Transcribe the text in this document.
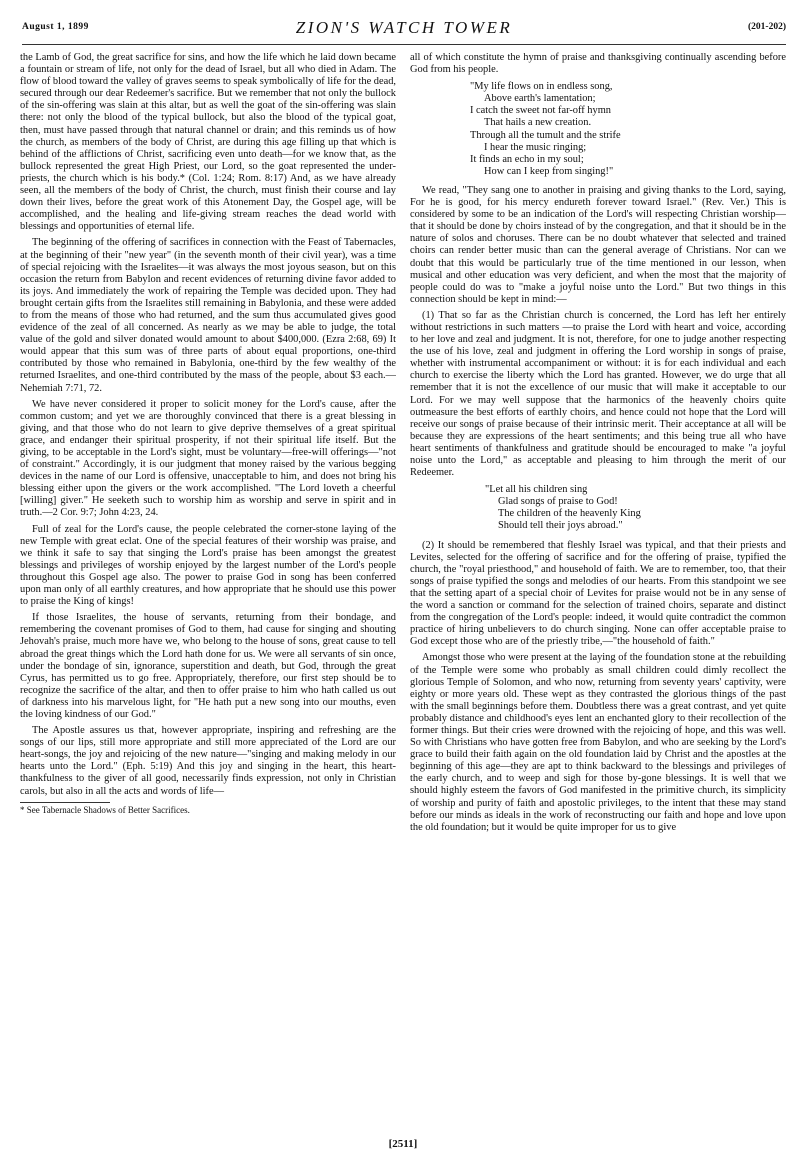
August 1, 1899	ZION'S WATCH TOWER	(201-202)

the Lamb of God, the great sacrifice for sins, and how the life which he laid down became a fountain or stream of life, not only for the dead of Israel, but all who died in Adam. The flow of blood toward the valley of graves seems to speak symbolically of life for the dead, secured through our dear Redeemer's sacrifice. But we remember that not only the bullock of the sin-offering was slain at this altar, but as well the goat of the sin-offering was slain there: not only the blood of the typical bullock, but also the blood of the typical goat, then, must have passed through that natural channel or drain; and this reminds us of how the church, as members of the body of Christ, are during this age filling up that which is behind of the afflictions of Christ, sacrificing even unto death—for we know that, as the bullock represented the great High Priest, our Lord, so the goat represented the under-priests, the church which is his body.* (Col. 1:24; Rom. 8:17) And, as we have already seen, all the members of the body of Christ, the church, must finish their course and lay down their lives, before the great work of this Atonement Day, the Gospel age, will be accomplished, and the healing and life-giving stream reaches the dead world with blessings and opportunities of eternal life.

The beginning of the offering of sacrifices in connection with the Feast of Tabernacles, at the beginning of their "new year" (in the seventh month of their civil year), was a time of special rejoicing with the Israelites—it was always the most joyous season, but on this occasion the return from Babylon and recent evidences of returning divine favor added to its joys. And immediately the work of repairing the Temple was decided upon. They had brought certain gifts from the Israelites still remaining in Babylonia, and these were added to from the means of those who had returned, and the sum thus accumulated gives good evidence of the zeal of all concerned. As nearly as we may be able to judge, the total value of the gold and silver donated would amount to about $400,000. (Ezra 2:68, 69) It would appear that this sum was of three parts of about equal proportions, one-third contributed by those who remained in Babylonia, one-third by the few wealthy of the returned Israelites, and one-third contributed by the mass of the people, about $3 each.—Nehemiah 7:71, 72.

We have never considered it proper to solicit money for the Lord's cause, after the common custom; and yet we are thoroughly convinced that there is a great blessing in giving, and that those who do not learn to give deprive themselves of a great spiritual grace, and endanger their spiritual prosperity, if not their spiritual life itself. But the giving, to be acceptable in the Lord's sight, must be voluntary—free-will offerings—"not of constraint." Accordingly, it is our judgment that money raised by the various begging devices in the name of our Lord is offensive, unacceptable to him, and does not bring his blessing either upon the givers or the work accomplished. "The Lord loveth a cheerful [willing] giver." He seeketh such to worship him as worship and serve in spirit and in truth.—2 Cor. 9:7; John 4:23, 24.

Full of zeal for the Lord's cause, the people celebrated the corner-stone laying of the new Temple with great eclat. One of the special features of their worship was praise, and we think it safe to say that singing the Lord's praise has been amongst the greatest blessings and privileges of worship enjoyed by the largest number of the Lord's people throughout this Gospel age also. The power to praise God in song has been conferred upon man only of all earthly creatures, and how appropriate that he should use this power to praise the King of kings!

If those Israelites, the house of servants, returning from their bondage, and remembering the covenant promises of God to them, had cause for singing and shouting Jehovah's praise, much more have we, who belong to the house of sons, great cause to tell abroad the great things which the Lord hath done for us. We were all servants of sin once, under the bondage of sin, ignorance, superstition and death, but God, through the great Cyrus, has permitted us to go free. Appropriately, therefore, our first step should be to recognize the sacrifice of the altar, and then to offer praise to him who hath called us out of darkness into his marvelous light, for "He hath put a new song into our mouths, even the loving kindness of our God."

The Apostle assures us that, however appropriate, inspiring and refreshing are the songs of our lips, still more appropriate and still more appreciated of the Lord are our heart-songs, the joy and rejoicing of the new nature—"singing and making melody in our hearts unto the Lord." (Eph. 5:19) And this joy and singing in the heart, this heart-thankfulness to the giver of all good, necessarily finds expression, not only in Christian carols, but also in all the acts and words of life—

* See Tabernacle Shadows of Better Sacrifices.

all of which constitute the hymn of praise and thanksgiving continually ascending before God from his people.

"My life flows on in endless song,
Above earth's lamentation;
I catch the sweet not far-off hymn
That hails a new creation.
Through all the tumult and the strife
I hear the music ringing;
It finds an echo in my soul;
How can I keep from singing!"

We read, "They sang one to another in praising and giving thanks to the Lord, saying, For he is good, for his mercy endureth forever toward Israel." (Rev. Ver.) This is considered by some to be an indication of the Lord's will respecting Christian worship—that it should be done by choirs instead of by the congregation, and that it should be in the nature of solos and choruses. There can be no doubt whatever that selected and trained choirs can render better music than can the general average of Christians. Nor can we doubt that this would be particularly true of the time mentioned in our lesson, when musical and other education was very deficient, and when the most that the majority of people could do was to "make a joyful noise unto the Lord." But two things in this connection should be kept in mind:—

(1) That so far as the Christian church is concerned, the Lord has left her entirely without restrictions in such matters —to praise the Lord with heart and voice, according to her love and zeal and judgment. It is not, therefore, for one to judge another respecting the use of his love, zeal and judgment in offering the Lord worship in songs of praise, whether with instrumental accompaniment or without: it is for each individual and each church to exercise the liberty which the Lord has granted. However, we do urge that all remember that it is not the excellence of our music that will make it acceptable to our Lord. For we may well suppose that the harmonics of the heavenly choirs quite outmeasure the best efforts of earthly choirs, and hence could not hope that the Lord will receive our songs of praise because of their intrinsic merit. Their acceptance at all will be because they are expressions of the heart sentiments; and this being true all who have heart sentiments of thankfulness and gratitude should be encouraged to make "a joyful noise unto the Lord," as acceptable and pleasing to him through the merit of our Redeemer.

"Let all his children sing
Glad songs of praise to God!
The children of the heavenly King
Should tell their joys abroad."

(2) It should be remembered that fleshly Israel was typical, and that their priests and Levites, selected for the offering of sacrifice and for the offering of praise, typified the church, the "royal priesthood," and household of faith. We are to remember, too, that their songs of praise typified the songs and melodies of our hearts. From this standpoint we see that the setting apart of a special choir of Levites for praise would not be in any sense of the word a sanction or command for the selection of trained choirs, separate and distinct from the congregation of the Lord's people: indeed, it would quite contradict the common practice of hiring unbelievers to do church singing. None can offer acceptable praise to God except those who are of the priestly tribe,—"the household of faith."

Amongst those who were present at the laying of the foundation stone at the rebuilding of the Temple were some who probably as small children could dimly recollect the glorious Temple of Solomon, and who now, returning from seventy years' captivity, were eighty or more years old. These wept as they contrasted the glorious things of the past with the small beginnings before them. Doubtless there was a great contrast, and yet quite probably distance and childhood's eyes lent an enchanted glory to their recollection of the former things. But their cries were drowned with the rejoicing of hope, and this was well. So with Christians who have gotten free from Babylon, and who are seeking by the Lord's grace to build their faith again on the old foundation laid by Christ and the apostles at the beginning of this age—they are apt to think backward to the blessings and privileges of the early church, and to weep and sigh for those by-gone blessings. It is well that we should highly esteem the favors of God manifested in the primitive church, its simplicity of worship and purity of faith and apostolic privileges, to the intent that these may stand before our minds as ideals in the work of reconstructing our faith and hope and love upon the old foundation; but it would be quite improper for us to give

[2511]
